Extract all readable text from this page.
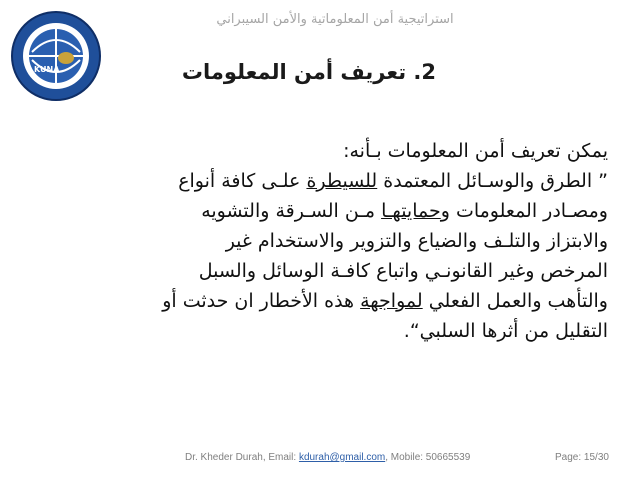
KUNA
استراتيجية أمن المعلوماتية والأمن السيبراني
2. تعريف أمن المعلومات
يمكن تعريف أمن المعلومات بـأنه:
” الطرق والوسـائل المعتمدة للسيطرة علـى كافة أنواع
ومصـادر المعلومات وحمايتهـا مـن السـرقة والتشويه
والابتزاز والتلـف والضياع والتزوير والاستخدام غير
المرخص وغير القانونـي واتباع كافـة الوسائل والسبل
والتأهب والعمل الفعلي لمواجهة هذه الأخطار ان حدثت أو
التقليل من أثرها السلبي“.
Dr. Kheder Durah, Email: kdurah@gmail.com, Mobile: 50665539	Page: 15/30
